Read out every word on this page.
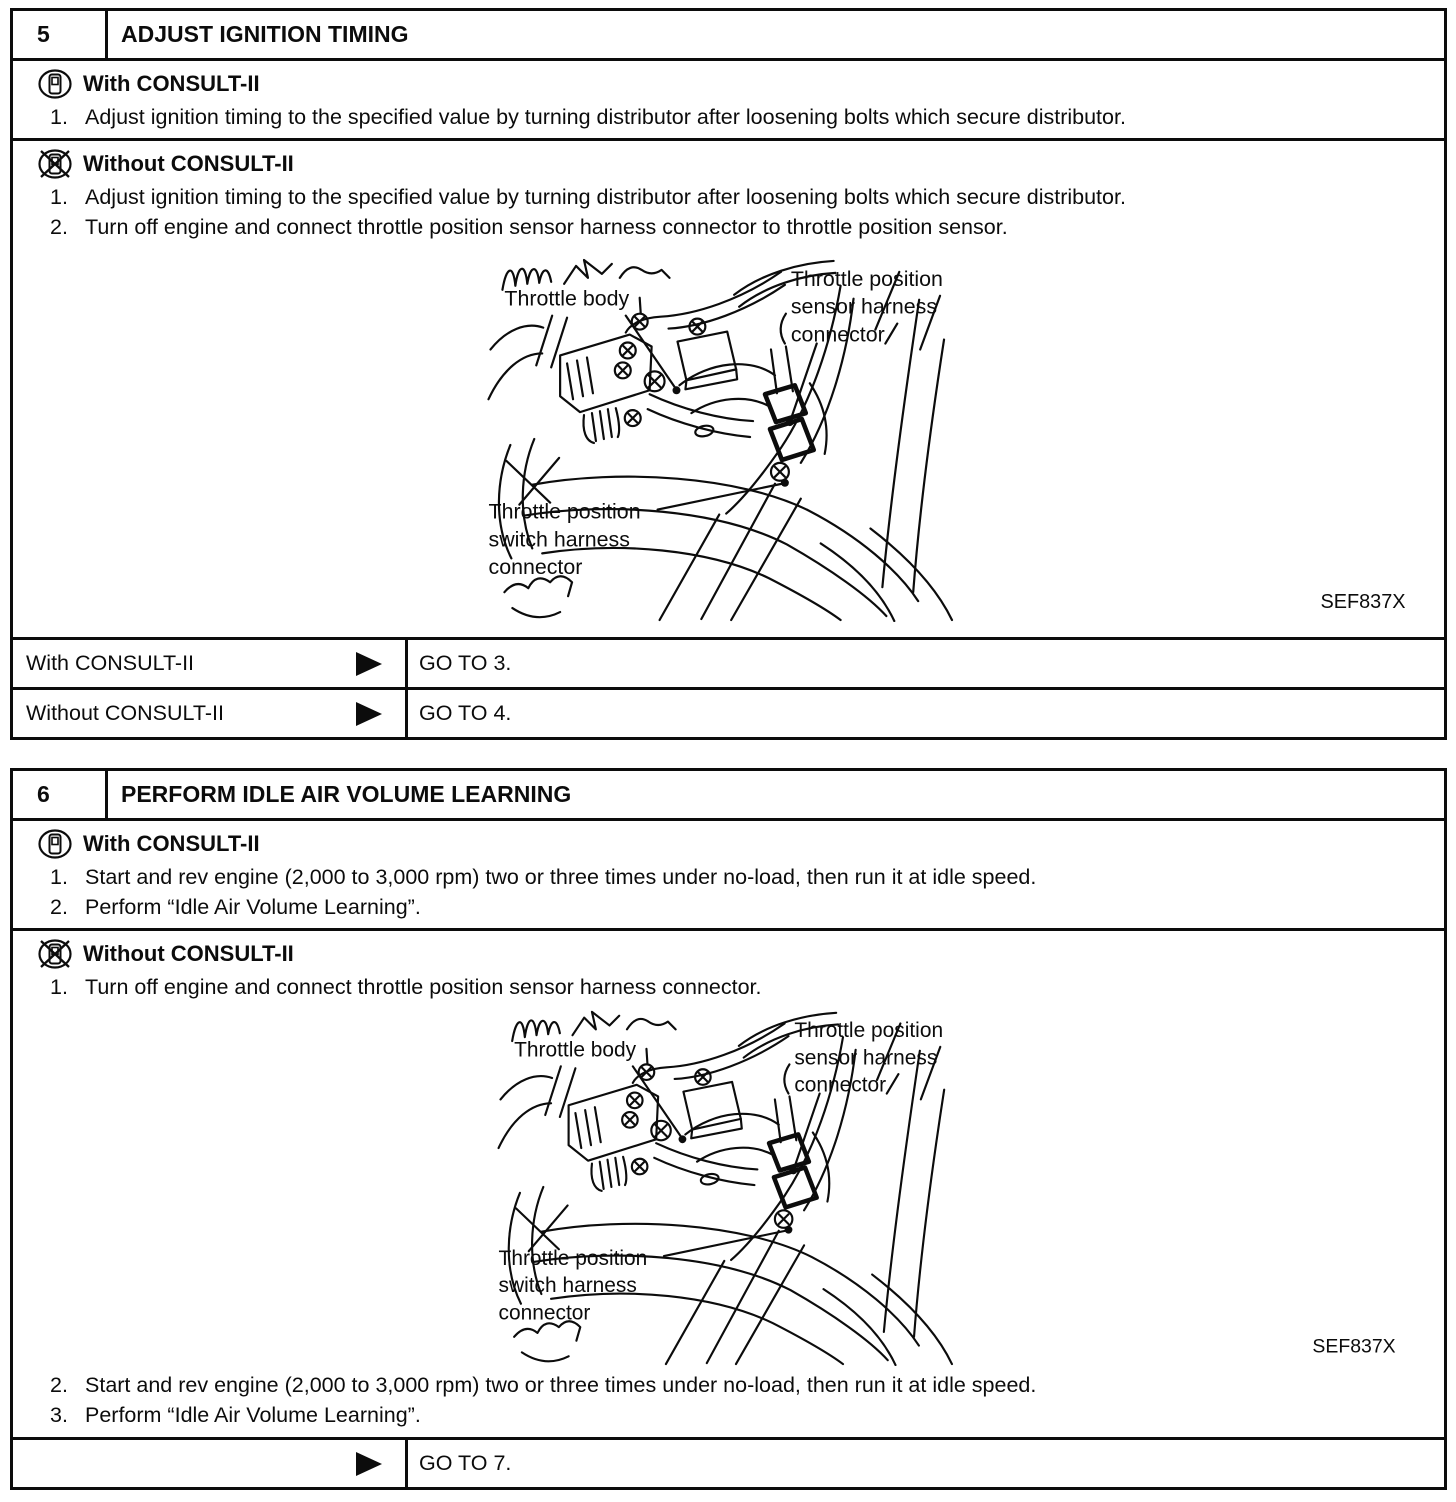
5	ADJUST IGNITION TIMING
With CONSULT-II
1. Adjust ignition timing to the specified value by turning distributor after loosening bolts which secure distributor.
Without CONSULT-II
1. Adjust ignition timing to the specified value by turning distributor after loosening bolts which secure distributor.
2. Turn off engine and connect throttle position sensor harness connector to throttle position sensor.
Throttle body
Throttle position
sensor harness
connector
Throttle position
switch harness
connector
SEF837X
With CONSULT-II	GO TO 3.
Without CONSULT-II	GO TO 4.
6	PERFORM IDLE AIR VOLUME LEARNING
With CONSULT-II
1. Start and rev engine (2,000 to 3,000 rpm) two or three times under no-load, then run it at idle speed.
2. Perform “Idle Air Volume Learning”.
Without CONSULT-II
1. Turn off engine and connect throttle position sensor harness connector.
Throttle body
Throttle position
sensor harness
connector
Throttle position
switch harness
connector
SEF837X
2. Start and rev engine (2,000 to 3,000 rpm) two or three times under no-load, then run it at idle speed.
3. Perform “Idle Air Volume Learning”.
GO TO 7.
